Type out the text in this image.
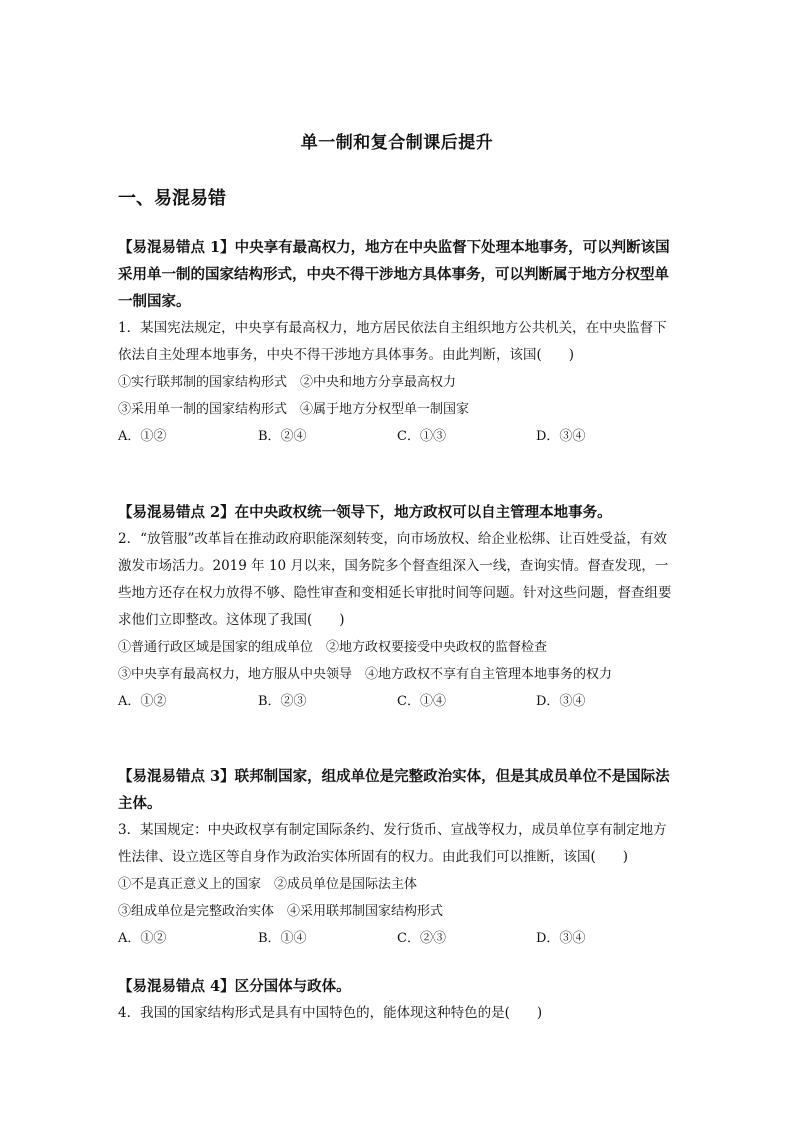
单一制和复合制课后提升
一、易混易错

【易混易错点 1】中央享有最高权力，地方在中央监督下处理本地事务，可以判断该国采用单一制的国家结构形式，中央不得干涉地方具体事务，可以判断属于地方分权型单一制国家。

1．某国宪法规定，中央享有最高权力，地方居民依法自主组织地方公共机关，在中央监督下依法自主处理本地事务，中央不得干涉地方具体事务。由此判断，该国(　　)

①实行联邦制的国家结构形式　②中央和地方分享最高权力

③采用单一制的国家结构形式　④属于地方分权型单一制国家

A．①②	B．②④	C．①③	D．③④

【易混易错点 2】在中央政权统一领导下，地方政权可以自主管理本地事务。

2．“放管服”改革旨在推动政府职能深刻转变，向市场放权、给企业松绑、让百姓受益，有效激发市场活力。2019 年 10 月以来，国务院多个督查组深入一线，查询实情。督查发现，一些地方还存在权力放得不够、隐性审查和变相延长审批时间等问题。针对这些问题，督查组要求他们立即整改。这体现了我国(　　)

①普通行政区域是国家的组成单位　②地方政权要接受中央政权的监督检查

③中央享有最高权力，地方服从中央领导　④地方政权不享有自主管理本地事务的权力

A．①②	B．②③	C．①④	D．③④

【易混易错点 3】联邦制国家，组成单位是完整政治实体，但是其成员单位不是国际法主体。

3．某国规定：中央政权享有制定国际条约、发行货币、宣战等权力，成员单位享有制定地方性法律、设立选区等自身作为政治实体所固有的权力。由此我们可以推断，该国(　　)

①不是真正意义上的国家　②成员单位是国际法主体

③组成单位是完整政治实体　④采用联邦制国家结构形式

A．①②	B．①④	C．②③	D．③④

【易混易错点 4】区分国体与政体。

4．我国的国家结构形式是具有中国特色的，能体现这种特色的是(　　)
